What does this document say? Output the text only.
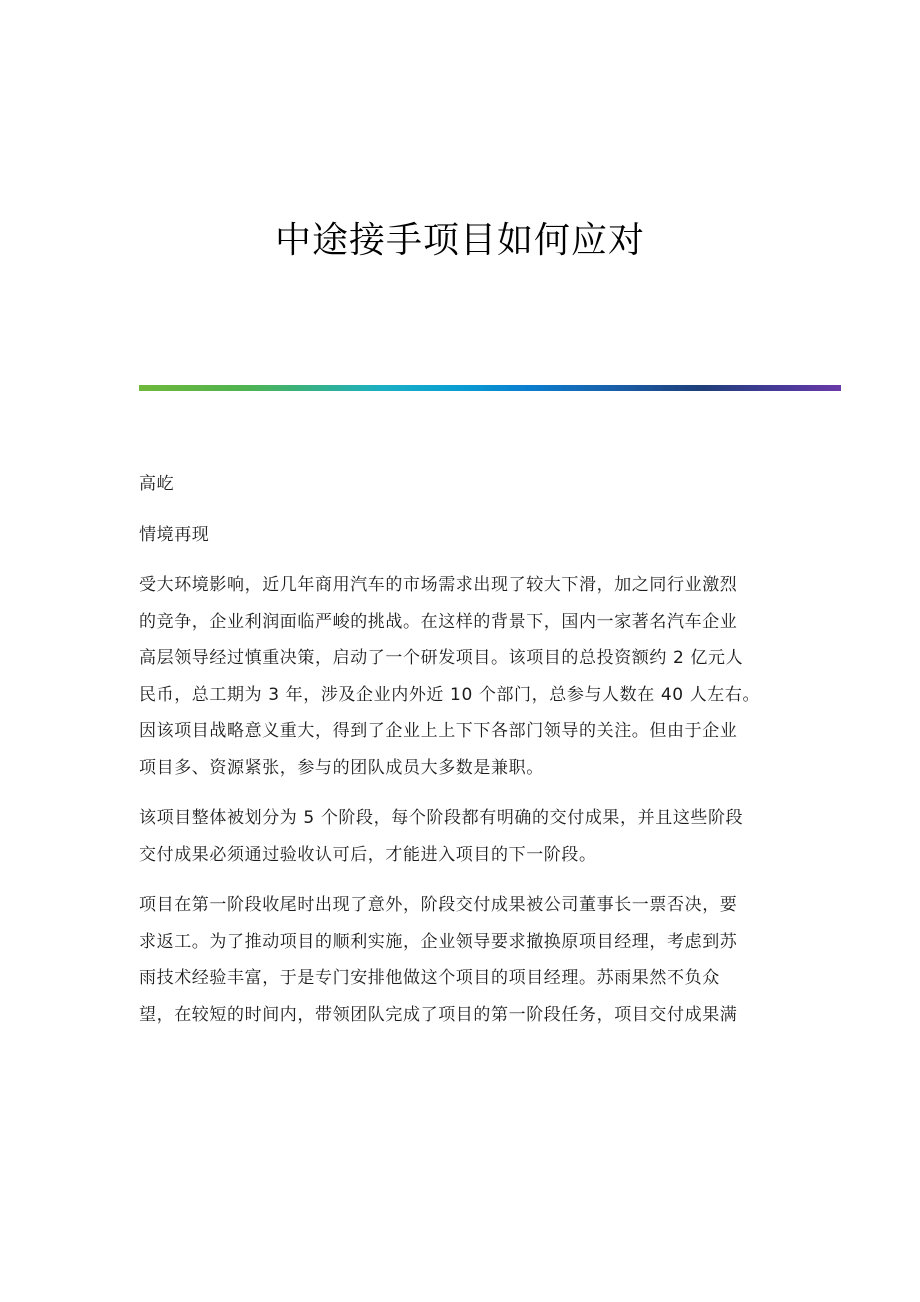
中途接手项目如何应对

高屹

情境再现

受大环境影响，近几年商用汽车的市场需求出现了较大下滑，加之同行业激烈
的竞争，企业利润面临严峻的挑战。在这样的背景下，国内一家著名汽车企业
高层领导经过慎重决策，启动了一个研发项目。该项目的总投资额约 2 亿元人
民币，总工期为 3 年，涉及企业内外近 10 个部门，总参与人数在 40 人左右。
因该项目战略意义重大，得到了企业上上下下各部门领导的关注。但由于企业
项目多、资源紧张，参与的团队成员大多数是兼职。

该项目整体被划分为 5 个阶段，每个阶段都有明确的交付成果，并且这些阶段
交付成果必须通过验收认可后，才能进入项目的下一阶段。

项目在第一阶段收尾时出现了意外，阶段交付成果被公司董事长一票否决，要
求返工。为了推动项目的顺利实施，企业领导要求撤换原项目经理，考虑到苏
雨技术经验丰富，于是专门安排他做这个项目的项目经理。苏雨果然不负众
望，在较短的时间内，带领团队完成了项目的第一阶段任务，项目交付成果满
